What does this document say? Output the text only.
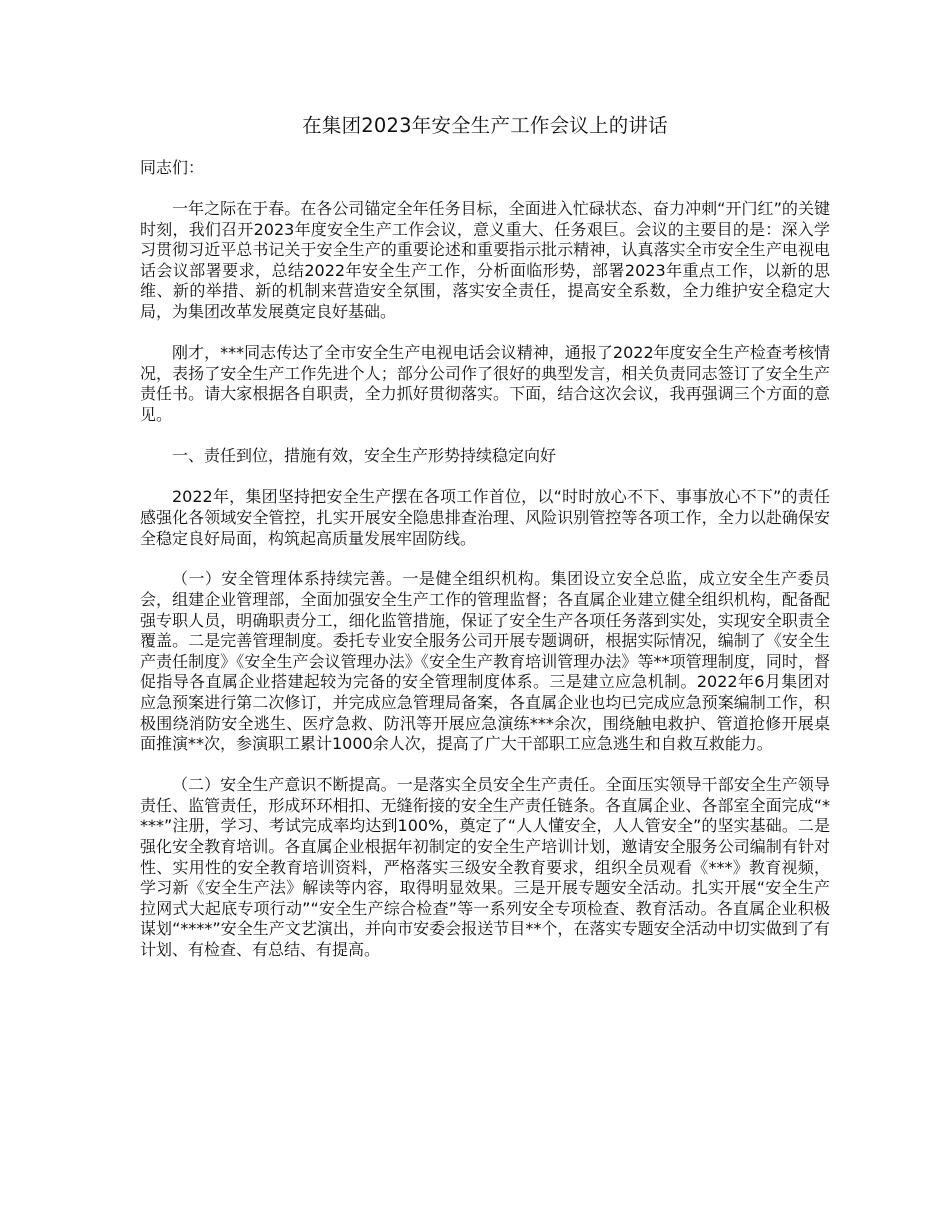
在集团2023年安全生产工作会议上的讲话

同志们：

一年之际在于春。在各公司锚定全年任务目标，全面进入忙碌状态、奋力冲刺“开门红”的关键时刻，我们召开2023年度安全生产工作会议，意义重大、任务艰巨。会议的主要目的是：深入学习贯彻习近平总书记关于安全生产的重要论述和重要指示批示精神，认真落实全市安全生产电视电话会议部署要求，总结2022年安全生产工作，分析面临形势，部署2023年重点工作，以新的思维、新的举措、新的机制来营造安全氛围，落实安全责任，提高安全系数，全力维护安全稳定大局，为集团改革发展奠定良好基础。

刚才，***同志传达了全市安全生产电视电话会议精神，通报了2022年度安全生产检查考核情况，表扬了安全生产工作先进个人；部分公司作了很好的典型发言，相关负责同志签订了安全生产责任书。请大家根据各自职责，全力抓好贯彻落实。下面，结合这次会议，我再强调三个方面的意见。

一、责任到位，措施有效，安全生产形势持续稳定向好

2022年，集团坚持把安全生产摆在各项工作首位，以“时时放心不下、事事放心不下”的责任感强化各领域安全管控，扎实开展安全隐患排查治理、风险识别管控等各项工作，全力以赴确保安全稳定良好局面，构筑起高质量发展牢固防线。

（一）安全管理体系持续完善。一是健全组织机构。集团设立安全总监，成立安全生产委员会，组建企业管理部，全面加强安全生产工作的管理监督；各直属企业建立健全组织机构，配备配强专职人员，明确职责分工，细化监管措施，保证了安全生产各项任务落到实处，实现安全职责全覆盖。二是完善管理制度。委托专业安全服务公司开展专题调研，根据实际情况，编制了《安全生产责任制度》《安全生产会议管理办法》《安全生产教育培训管理办法》等**项管理制度，同时，督促指导各直属企业搭建起较为完备的安全管理制度体系。三是建立应急机制。2022年6月集团对应急预案进行第二次修订，并完成应急管理局备案，各直属企业也均已完成应急预案编制工作，积极围绕消防安全逃生、医疗急救、防汛等开展应急演练***余次，围绕触电救护、管道抢修开展桌面推演**次，参演职工累计1000余人次，提高了广大干部职工应急逃生和自救互救能力。

（二）安全生产意识不断提高。一是落实全员安全生产责任。全面压实领导干部安全生产领导责任、监管责任，形成环环相扣、无缝衔接的安全生产责任链条。各直属企业、各部室全面完成“****”注册，学习、考试完成率均达到100%，奠定了“人人懂安全，人人管安全”的坚实基础。二是强化安全教育培训。各直属企业根据年初制定的安全生产培训计划，邀请安全服务公司编制有针对性、实用性的安全教育培训资料，严格落实三级安全教育要求，组织全员观看《***》教育视频，学习新《安全生产法》解读等内容，取得明显效果。三是开展专题安全活动。扎实开展“安全生产拉网式大起底专项行动”“安全生产综合检查”等一系列安全专项检查、教育活动。各直属企业积极谋划“****”安全生产文艺演出，并向市安委会报送节目**个，在落实专题安全活动中切实做到了有计划、有检查、有总结、有提高。
